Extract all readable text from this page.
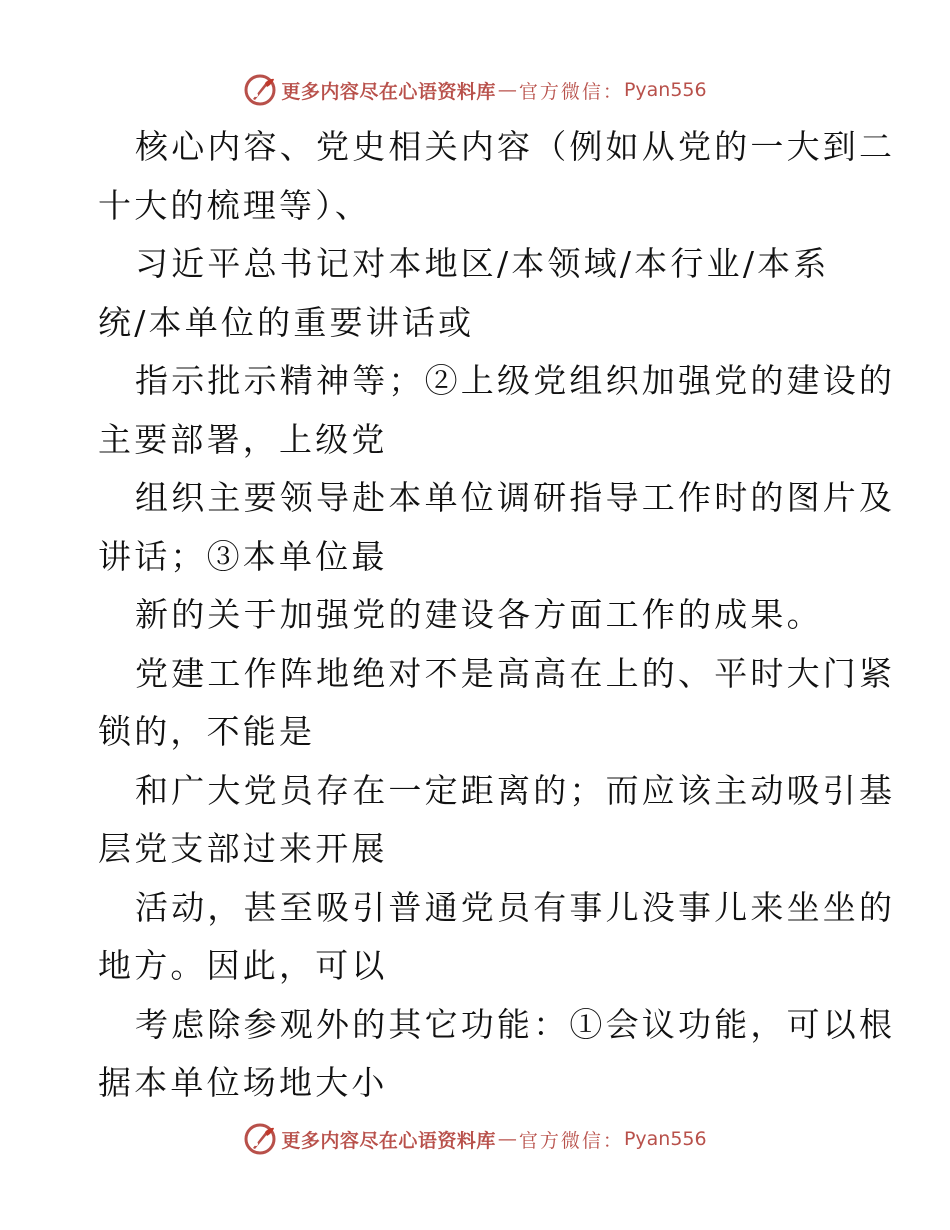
更多内容尽在心语资料库 — 官方微信： Pyan556
核心内容、党史相关内容（例如从党的一大到二
十大的梳理等）、
习近平总书记对本地区/本领域/本行业/本系
统/本单位的重要讲话或
指示批示精神等；②上级党组织加强党的建设的
主要部署，上级党
组织主要领导赴本单位调研指导工作时的图片及
讲话；③本单位最
新的关于加强党的建设各方面工作的成果。
党建工作阵地绝对不是高高在上的、平时大门紧
锁的，不能是
和广大党员存在一定距离的；而应该主动吸引基
层党支部过来开展
活动，甚至吸引普通党员有事儿没事儿来坐坐的
地方。因此，可以
考虑除参观外的其它功能：①会议功能，可以根
据本单位场地大小
更多内容尽在心语资料库 — 官方微信： Pyan556
